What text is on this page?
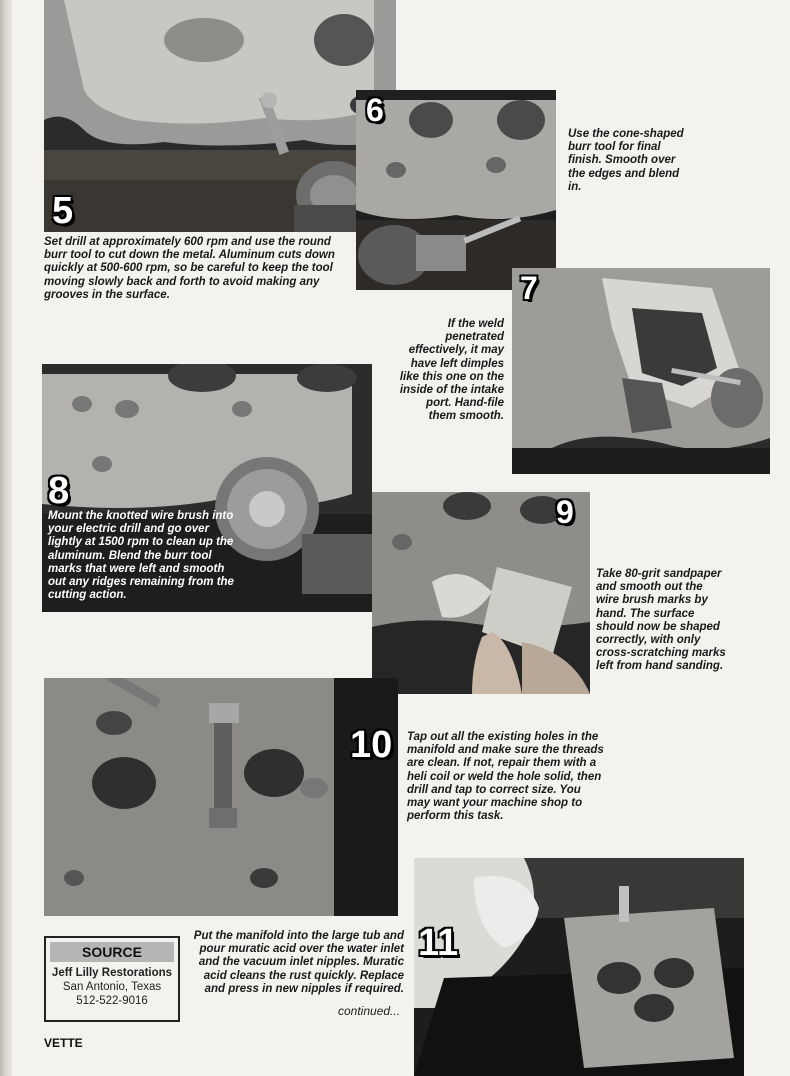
5
Set drill at approximately 600 rpm and use the round burr tool to cut down the metal. Aluminum cuts down quickly at 500-600 rpm, so be careful to keep the tool moving slowly back and forth to avoid making any grooves in the surface.
6
Use the cone-shaped burr tool for final finish. Smooth over the edges and blend in.
7
If the weld penetrated effectively, it may have left dimples like this one on the inside of the intake port. Hand-file them smooth.
8
Mount the knotted wire brush into your electric drill and go over lightly at 1500 rpm to clean up the aluminum. Blend the burr tool marks that were left and smooth out any ridges remaining from the cutting action.
9
Take 80-grit sandpaper and smooth out the wire brush marks by hand. The surface should now be shaped correctly, with only cross-scratching marks left from hand sanding.
10 Tap out all the existing holes in the manifold and make sure the threads are clean. If not, repair them with a heli coil or weld the hole solid, then drill and tap to correct size. You may want your machine shop to perform this task.
11
Put the manifold into the large tub and pour muratic acid over the water inlet and the vacuum inlet nipples. Muratic acid cleans the rust quickly. Replace and press in new nipples if required.
SOURCE
Jeff Lilly Restorations
San Antonio, Texas
512-522-9016
continued...
VETTE
